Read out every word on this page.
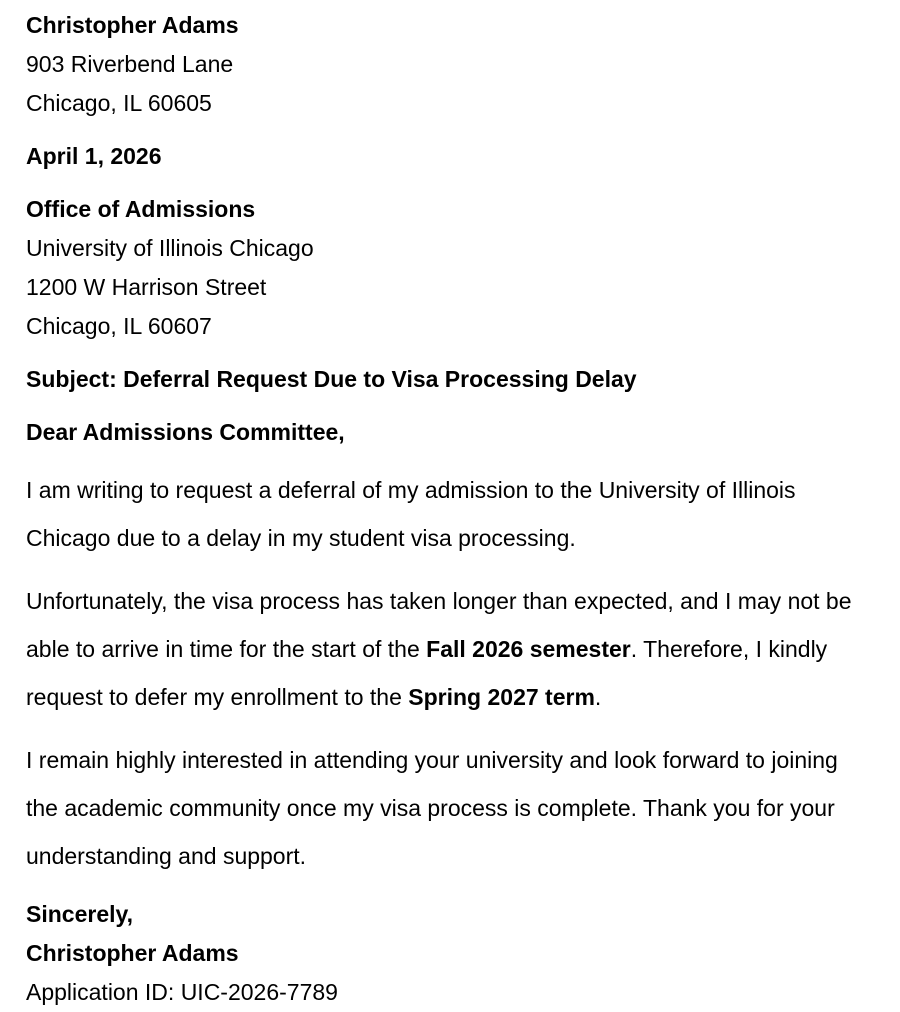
Christopher Adams
903 Riverbend Lane
Chicago, IL 60605
April 1, 2026
Office of Admissions
University of Illinois Chicago
1200 W Harrison Street
Chicago, IL 60607
Subject: Deferral Request Due to Visa Processing Delay
Dear Admissions Committee,

I am writing to request a deferral of my admission to the University of Illinois Chicago due to a delay in my student visa processing.

Unfortunately, the visa process has taken longer than expected, and I may not be able to arrive in time for the start of the Fall 2026 semester. Therefore, I kindly request to defer my enrollment to the Spring 2027 term.

I remain highly interested in attending your university and look forward to joining the academic community once my visa process is complete. Thank you for your understanding and support.

Sincerely,
Christopher Adams
Application ID: UIC-2026-7789
